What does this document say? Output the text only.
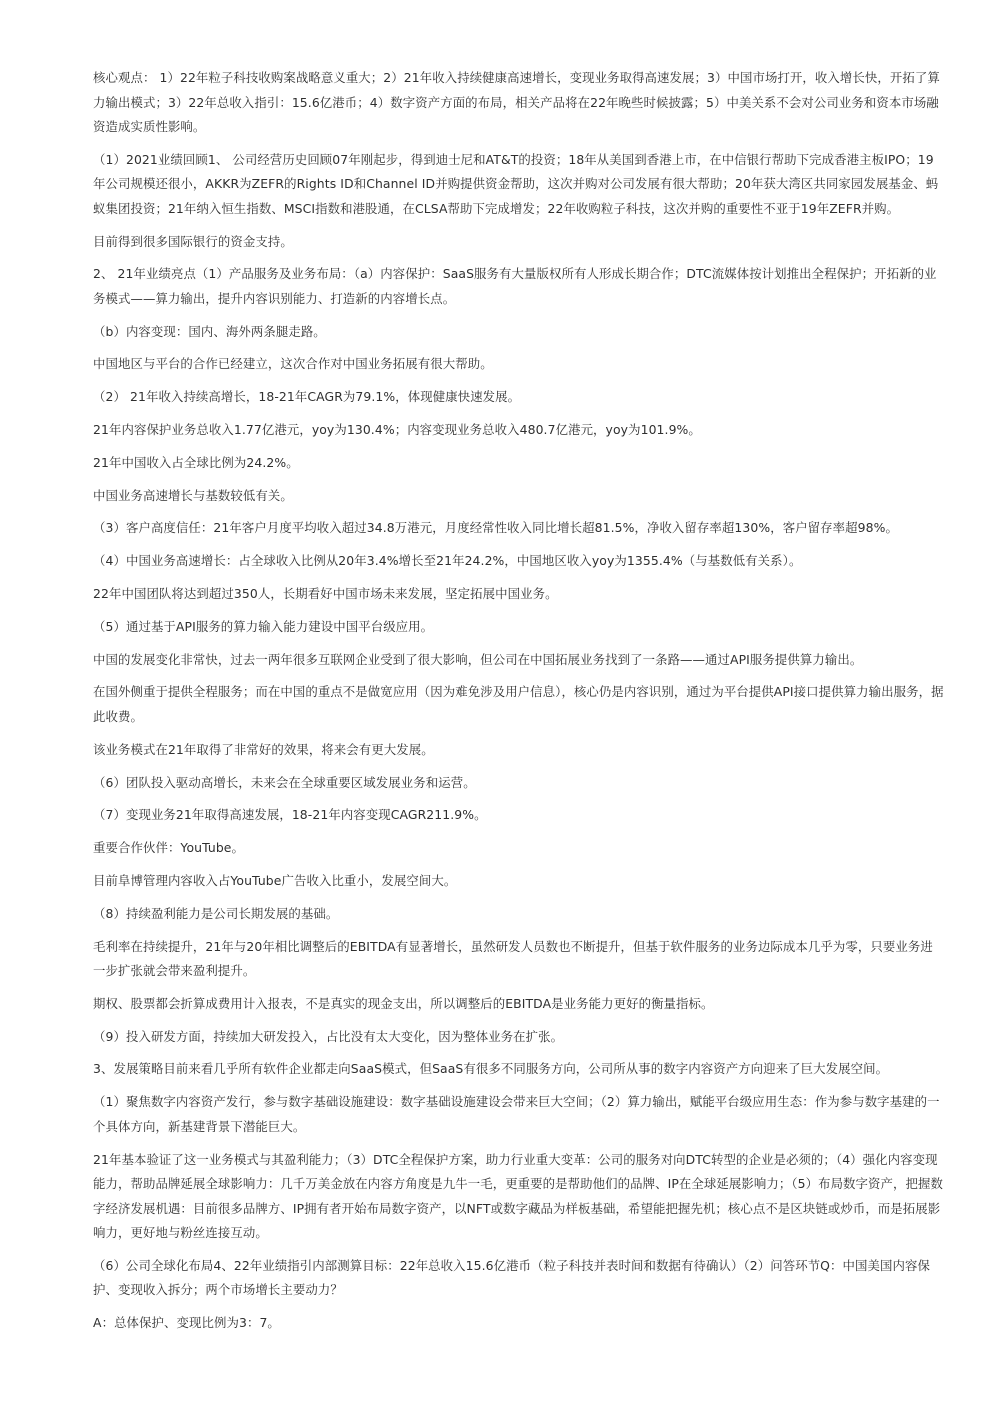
核心观点： 1）22年粒子科技收购案战略意义重大；2）21年收入持续健康高速增长，变现业务取得高速发展；3）中国市场打开，收入增长快，开拓了算力输出模式；3）22年总收入指引：15.6亿港币；4）数字资产方面的布局，相关产品将在22年晚些时候披露；5）中美关系不会对公司业务和资本市场融资造成实质性影响。

（1）2021业绩回顾1、 公司经营历史回顾07年刚起步，得到迪士尼和AT&T的投资；18年从美国到香港上市，在中信银行帮助下完成香港主板IPO；19年公司规模还很小，AKKR为ZEFR的Rights ID和Channel ID并购提供资金帮助，这次并购对公司发展有很大帮助；20年获大湾区共同家园发展基金、蚂蚁集团投资；21年纳入恒生指数、MSCI指数和港股通，在CLSA帮助下完成增发；22年收购粒子科技，这次并购的重要性不亚于19年ZEFR并购。

目前得到很多国际银行的资金支持。

2、 21年业绩亮点（1）产品服务及业务布局：（a）内容保护：SaaS服务有大量版权所有人形成长期合作；DTC流媒体按计划推出全程保护；开拓新的业务模式——算力输出，提升内容识别能力、打造新的内容增长点。

（b）内容变现：国内、海外两条腿走路。

中国地区与平台的合作已经建立，这次合作对中国业务拓展有很大帮助。

（2） 21年收入持续高增长，18-21年CAGR为79.1%，体现健康快速发展。

21年内容保护业务总收入1.77亿港元，yoy为130.4%；内容变现业务总收入480.7亿港元，yoy为101.9%。

21年中国收入占全球比例为24.2%。

中国业务高速增长与基数较低有关。

（3）客户高度信任：21年客户月度平均收入超过34.8万港元，月度经常性收入同比增长超81.5%，净收入留存率超130%，客户留存率超98%。

（4）中国业务高速增长：占全球收入比例从20年3.4%增长至21年24.2%，中国地区收入yoy为1355.4%（与基数低有关系）。

22年中国团队将达到超过350人，长期看好中国市场未来发展，坚定拓展中国业务。

（5）通过基于API服务的算力输入能力建设中国平台级应用。

中国的发展变化非常快，过去一两年很多互联网企业受到了很大影响，但公司在中国拓展业务找到了一条路——通过API服务提供算力输出。

在国外侧重于提供全程服务；而在中国的重点不是做宽应用（因为难免涉及用户信息），核心仍是内容识别，通过为平台提供API接口提供算力输出服务，据此收费。

该业务模式在21年取得了非常好的效果，将来会有更大发展。

（6）团队投入驱动高增长，未来会在全球重要区域发展业务和运营。

（7）变现业务21年取得高速发展，18-21年内容变现CAGR211.9%。

重要合作伙伴：YouTube。

目前阜博管理内容收入占YouTube广告收入比重小，发展空间大。

（8）持续盈利能力是公司长期发展的基础。

毛利率在持续提升，21年与20年相比调整后的EBITDA有显著增长，虽然研发人员数也不断提升，但基于软件服务的业务边际成本几乎为零，只要业务进一步扩张就会带来盈利提升。

期权、股票都会折算成费用计入报表，不是真实的现金支出，所以调整后的EBITDA是业务能力更好的衡量指标。

（9）投入研发方面，持续加大研发投入，占比没有太大变化，因为整体业务在扩张。

3、发展策略目前来看几乎所有软件企业都走向SaaS模式，但SaaS有很多不同服务方向，公司所从事的数字内容资产方向迎来了巨大发展空间。

（1）聚焦数字内容资产发行，参与数字基础设施建设：数字基础设施建设会带来巨大空间；（2）算力输出，赋能平台级应用生态：作为参与数字基建的一个具体方向，新基建背景下潜能巨大。

21年基本验证了这一业务模式与其盈利能力；（3）DTC全程保护方案，助力行业重大变革：公司的服务对向DTC转型的企业是必须的；（4）强化内容变现能力，帮助品牌延展全球影响力：几千万美金放在内容方角度是九牛一毛，更重要的是帮助他们的品牌、IP在全球延展影响力；（5）布局数字资产，把握数字经济发展机遇：目前很多品牌方、IP拥有者开始布局数字资产，以NFT或数字藏品为样板基础，希望能把握先机；核心点不是区块链或炒币，而是拓展影响力，更好地与粉丝连接互动。

（6）公司全球化布局4、22年业绩指引内部测算目标：22年总收入15.6亿港币（粒子科技并表时间和数据有待确认）（2）问答环节Q：中国美国内容保护、变现收入拆分；两个市场增长主要动力？

A：总体保护、变现比例为3：7。
